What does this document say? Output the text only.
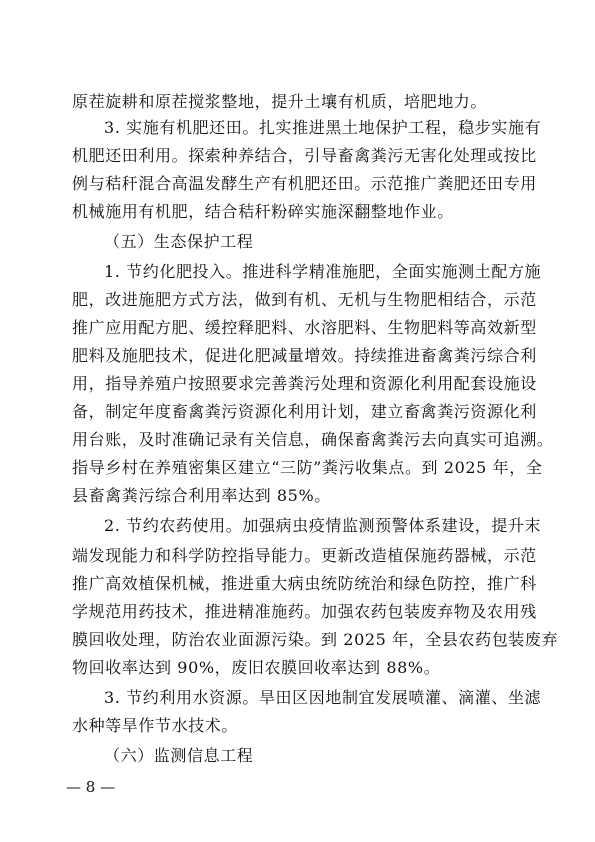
原茬旋耕和原茬搅浆整地，提升土壤有机质，培肥地力。
3. 实施有机肥还田。扎实推进黑土地保护工程，稳步实施有
机肥还田利用。探索种养结合，引导畜禽粪污无害化处理或按比
例与秸秆混合高温发酵生产有机肥还田。示范推广粪肥还田专用
机械施用有机肥，结合秸秆粉碎实施深翻整地作业。
（五）生态保护工程
1. 节约化肥投入。推进科学精准施肥，全面实施测土配方施
肥，改进施肥方式方法，做到有机、无机与生物肥相结合，示范
推广应用配方肥、缓控释肥料、水溶肥料、生物肥料等高效新型
肥料及施肥技术，促进化肥减量增效。持续推进畜禽粪污综合利
用，指导养殖户按照要求完善粪污处理和资源化利用配套设施设
备，制定年度畜禽粪污资源化利用计划，建立畜禽粪污资源化利
用台账，及时准确记录有关信息，确保畜禽粪污去向真实可追溯。
指导乡村在养殖密集区建立“三防”粪污收集点。到 2025 年，全
县畜禽粪污综合利用率达到 85%。
2. 节约农药使用。加强病虫疫情监测预警体系建设，提升末
端发现能力和科学防控指导能力。更新改造植保施药器械，示范
推广高效植保机械，推进重大病虫统防统治和绿色防控，推广科
学规范用药技术，推进精准施药。加强农药包装废弃物及农用残
膜回收处理，防治农业面源污染。到 2025 年，全县农药包装废弃
物回收率达到 90%，废旧农膜回收率达到 88%。
3. 节约利用水资源。旱田区因地制宜发展喷灌、滴灌、坐滤
水种等旱作节水技术。
（六）监测信息工程
— 8 —
